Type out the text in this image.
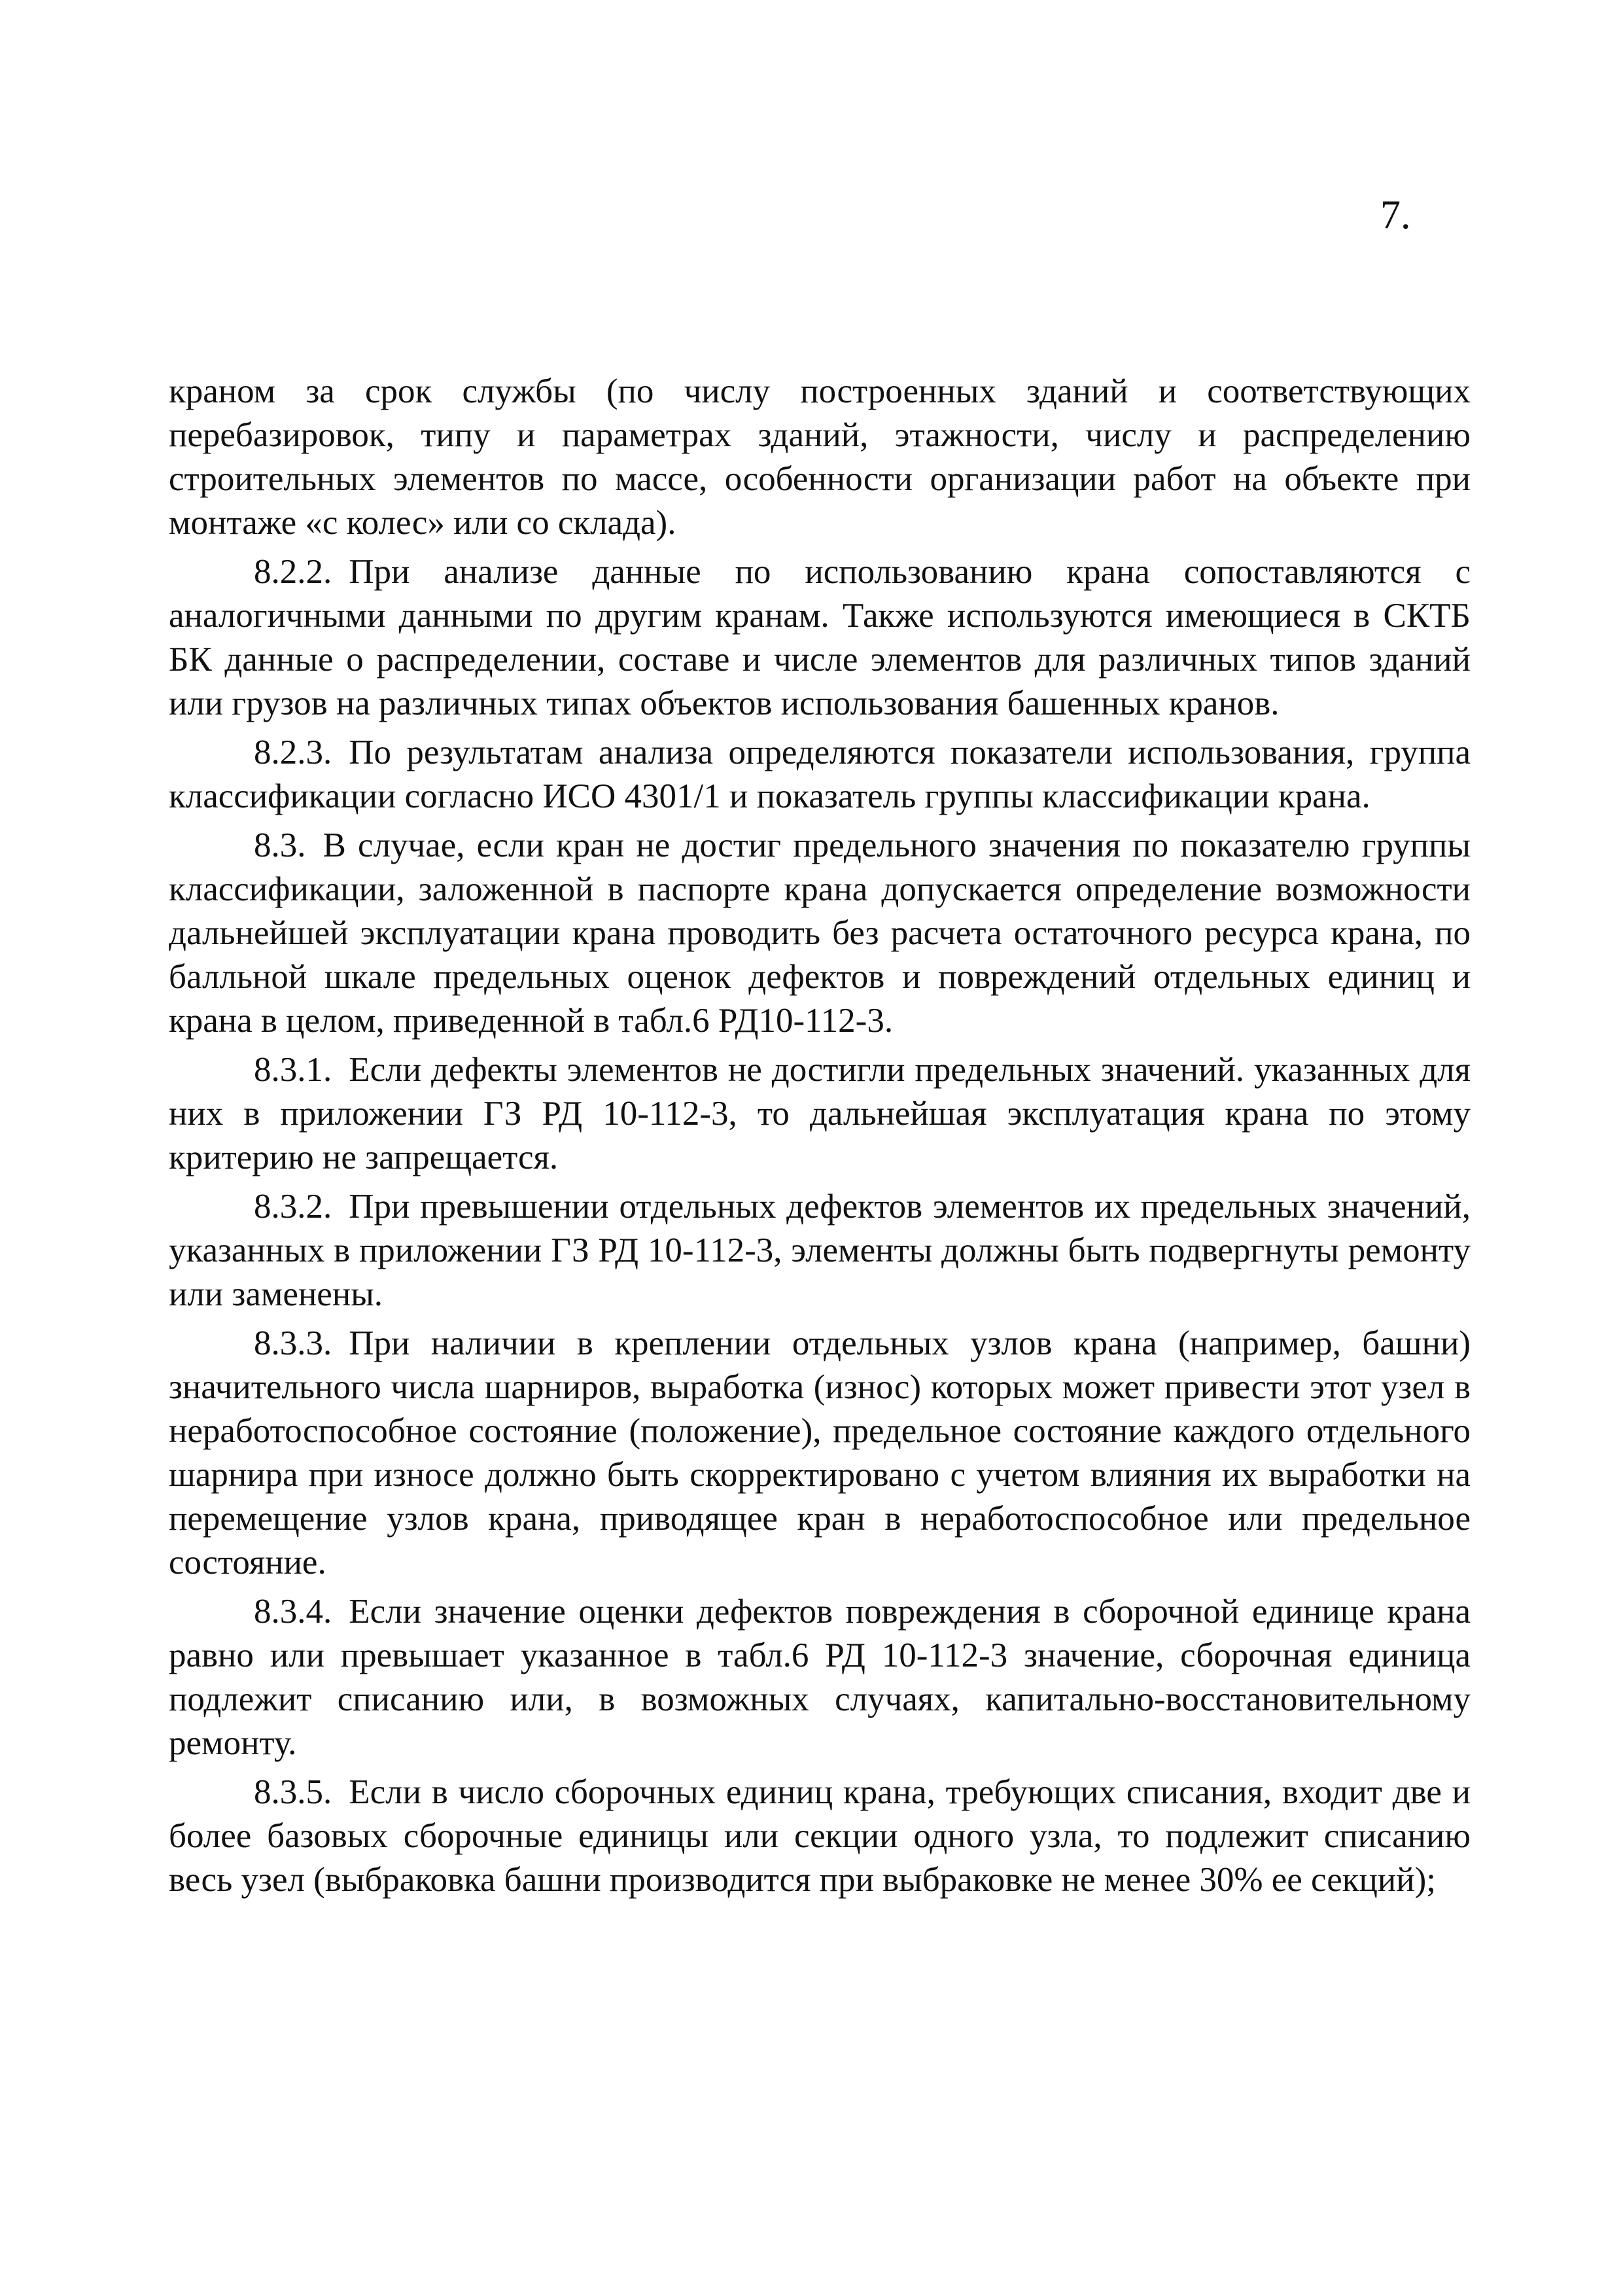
7.

краном за срок службы (по числу построенных зданий и соответствующих перебазировок, типу и параметрах зданий, этажности, числу и распределению строительных элементов по массе, особенности организации работ на объекте при монтаже «с колес» или со склада).

8.2.2. При анализе данные по использованию крана сопоставляются с аналогичными данными по другим кранам. Также используются имеющиеся в СКТБ БК данные о распределении, составе и числе элементов для различных типов зданий или грузов на различных типах объектов использования башенных кранов.

8.2.3. По результатам анализа определяются показатели использования, группа классификации согласно ИСО 4301/1 и показатель группы классификации крана.

8.3. В случае, если кран не достиг предельного значения по показателю группы классификации, заложенной в паспорте крана допускается определение возможности дальнейшей эксплуатации крана проводить без расчета остаточного ресурса крана, по балльной шкале предельных оценок дефектов и повреждений отдельных единиц и крана в целом, приведенной в табл.6 РД10-112-3.

8.3.1. Если дефекты элементов не достигли предельных значений. указанных для них в приложении ГЗ РД 10-112-3, то дальнейшая эксплуатация крана по этому критерию не запрещается.

8.3.2. При превышении отдельных дефектов элементов их предельных значений, указанных в приложении ГЗ РД 10-112-3, элементы должны быть подвергнуты ремонту или заменены.

8.3.3. При наличии в креплении отдельных узлов крана (например, башни) значительного числа шарниров, выработка (износ) которых может привести этот узел в неработоспособное состояние (положение), предельное состояние каждого отдельного шарнира при износе должно быть скорректировано с учетом влияния их выработки на перемещение узлов крана, приводящее кран в неработоспособное или предельное состояние.

8.3.4. Если значение оценки дефектов повреждения в сборочной единице крана равно или превышает указанное в табл.6 РД 10-112-3 значение, сборочная единица подлежит списанию или, в возможных случаях, капитально-восстановительному ремонту.

8.3.5. Если в число сборочных единиц крана, требующих списания, входит две и более базовых сборочные единицы или секции одного узла, то подлежит списанию весь узел (выбраковка башни производится при выбраковке не менее 30% ее секций);
